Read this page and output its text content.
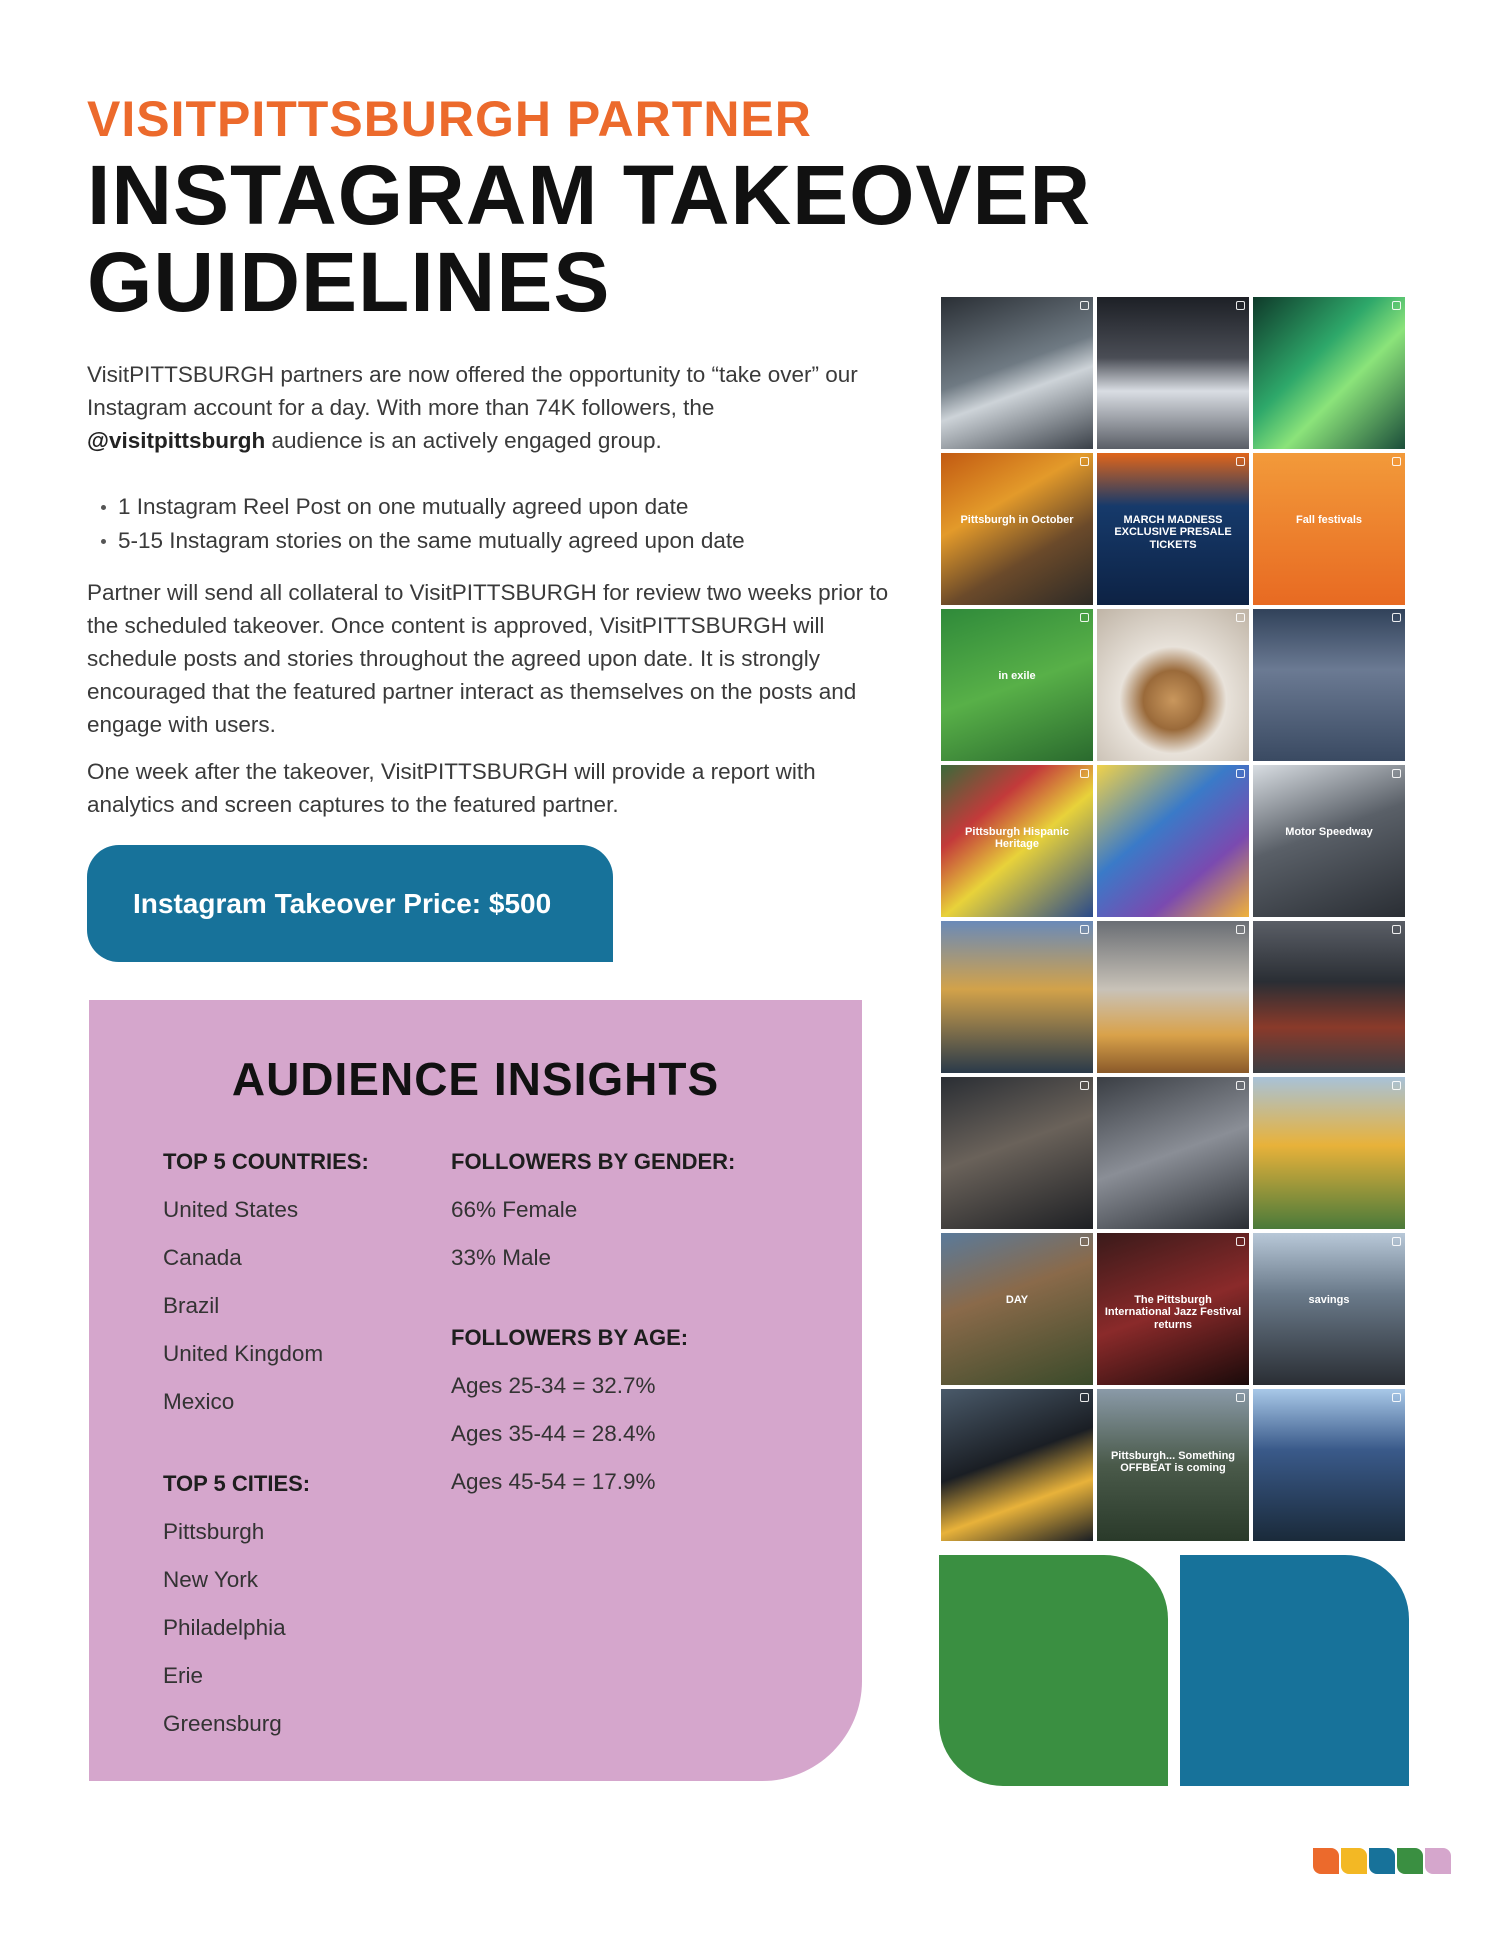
VISITPITTSBURGH PARTNER
INSTAGRAM TAKEOVER
GUIDELINES
VisitPITTSBURGH partners are now offered the opportunity to “take over” our Instagram account for a day. With more than 74K followers, the @visitpittsburgh audience is an actively engaged group.
1 Instagram Reel Post on one mutually agreed upon date
5-15 Instagram stories on the same mutually agreed upon date
Partner will send all collateral to VisitPITTSBURGH for review two weeks prior to the scheduled takeover. Once content is approved, VisitPITTSBURGH will schedule posts and stories throughout the agreed upon date. It is strongly encouraged that the featured partner interact as themselves on the posts and engage with users.
One week after the takeover, VisitPITTSBURGH will provide a report with analytics and screen captures to the featured partner.
Instagram Takeover Price: $500
AUDIENCE INSIGHTS
TOP 5 COUNTRIES:
United States
Canada
Brazil
United Kingdom
Mexico
TOP 5 CITIES:
Pittsburgh
New York
Philadelphia
Erie
Greensburg
FOLLOWERS BY GENDER:
66% Female
33% Male
FOLLOWERS BY AGE:
Ages 25-34 = 32.7%
Ages 35-44 = 28.4%
Ages 45-54 = 17.9%
Pittsburgh in October	MARCH MADNESS EXCLUSIVE PRESALE TICKETS
Fall festivals
in exile
Pittsburgh Hispanic Heritage
Motor Speedway
DAY	The Pittsburgh International Jazz Festival returns
savings
Pittsburgh... Something OFFBEAT is coming
